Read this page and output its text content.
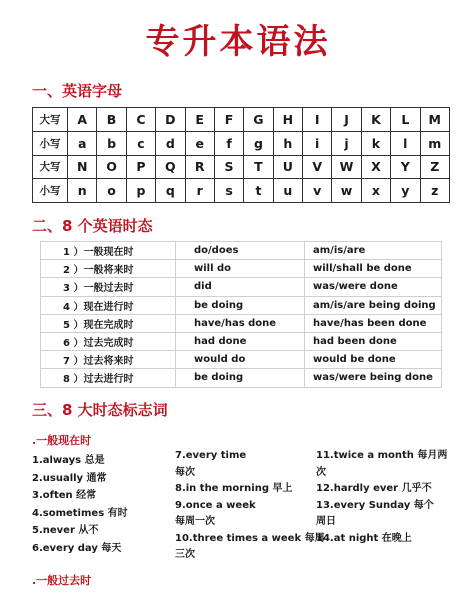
专升本语法
一、英语字母
大写	A	B	C	D	E	F	G	H	I	J	K	L	M
小写	a	b	c	d	e	f	g	h	i	j	k	l	m
大写	N	O	P	Q	R	S	T	U	V	W	X	Y	Z
小写	n	o	p	q	r	s	t	u	v	w	x	y	z
二、8 个英语时态
1 ）一般现在时	do/does	am/is/are
2 ）一般将来时	will do	will/shall be done
3 ）一般过去时	did	was/were done
4 ）现在进行时	be doing	am/is/are being doing
5 ）现在完成时	have/has done	have/has been done
6 ）过去完成时	had done	had been done
7 ）过去将来时	would do	would be done
8 ）过去进行时	be doing	was/were being done
三、8 大时态标志词
.一般现在时
1.always 总是
2.usually 通常
3.often 经常
4.sometimes 有时
5.never 从不
6.every day 每天
7.every time
每次
8.in the morning 早上
9.once a week
每周一次
10.three times a week 每周
三次
11.twice a month 每月两
次
12.hardly ever 几乎不
13.every Sunday 每个
周日
14.at night 在晚上
.一般过去时
